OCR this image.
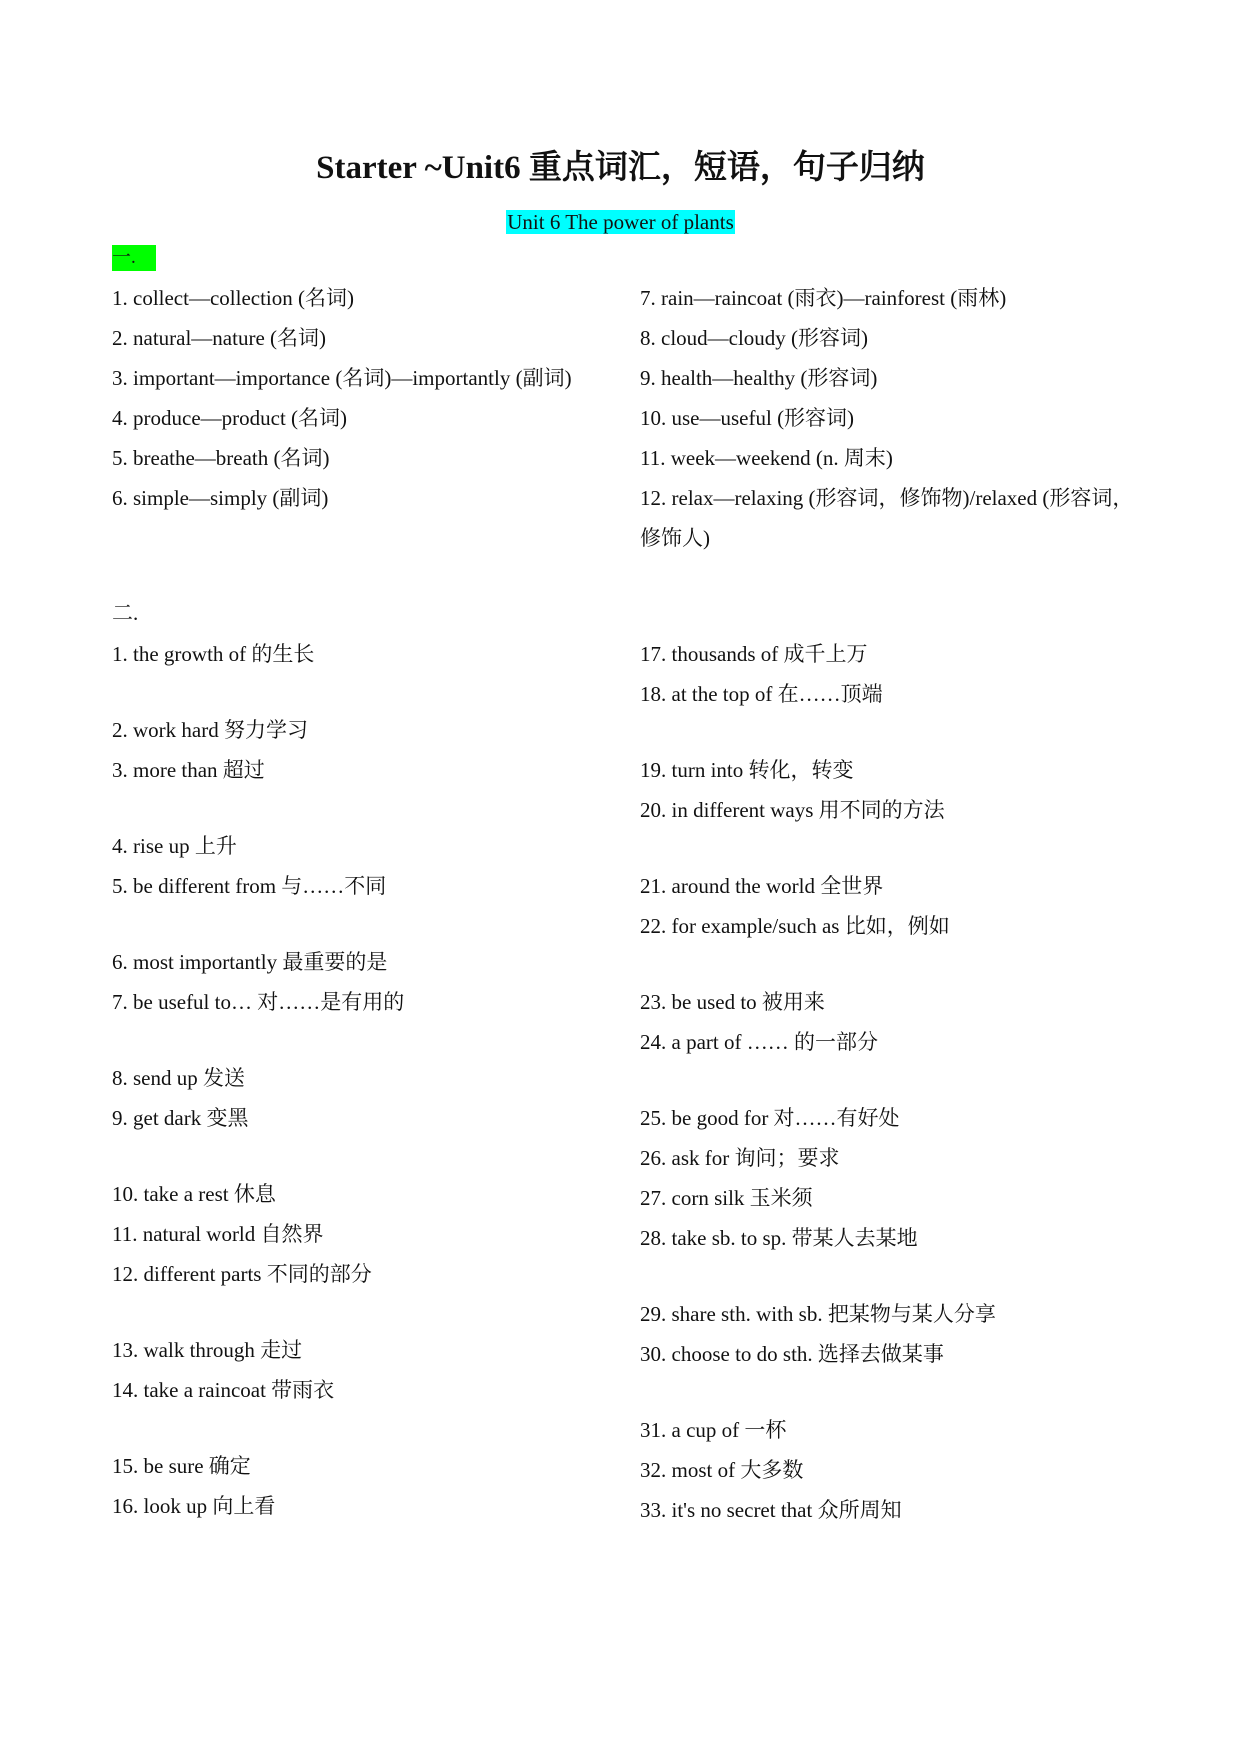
Starter ~Unit6 重点词汇，短语，句子归纳
Unit 6 The power of plants
一.
1. collect—collection (名词)
2. natural—nature (名词)
3. important—importance (名词)—importantly (副词)
4. produce—product (名词)
5. breathe—breath (名词)
6. simple—simply (副词)
7. rain—raincoat (雨衣)—rainforest (雨林)
8. cloud—cloudy (形容词)
9. health—healthy (形容词)
10. use—useful (形容词)
11. week—weekend (n. 周末)
12. relax—relaxing (形容词，修饰物)/relaxed (形容词，修饰人)
二.
1. the growth of 的生长
2. work hard 努力学习
3. more than 超过
4. rise up 上升
5. be different from 与……不同
6. most importantly 最重要的是
7. be useful to… 对……是有用的
8. send up 发送
9. get dark 变黑
10. take a rest 休息
11. natural world 自然界
12. different parts 不同的部分
13. walk through 走过
14. take a raincoat 带雨衣
15. be sure 确定
16. look up 向上看
17. thousands of 成千上万
18. at the top of 在……顶端
19. turn into 转化，转变
20. in different ways 用不同的方法
21. around the world 全世界
22. for example/such as 比如，例如
23. be used to 被用来
24. a part of …… 的一部分
25. be good for 对……有好处
26. ask for 询问；要求
27. corn silk 玉米须
28. take sb. to sp. 带某人去某地
29. share sth. with sb. 把某物与某人分享
30. choose to do sth. 选择去做某事
31. a cup of 一杯
32. most of 大多数
33. it's no secret that 众所周知
